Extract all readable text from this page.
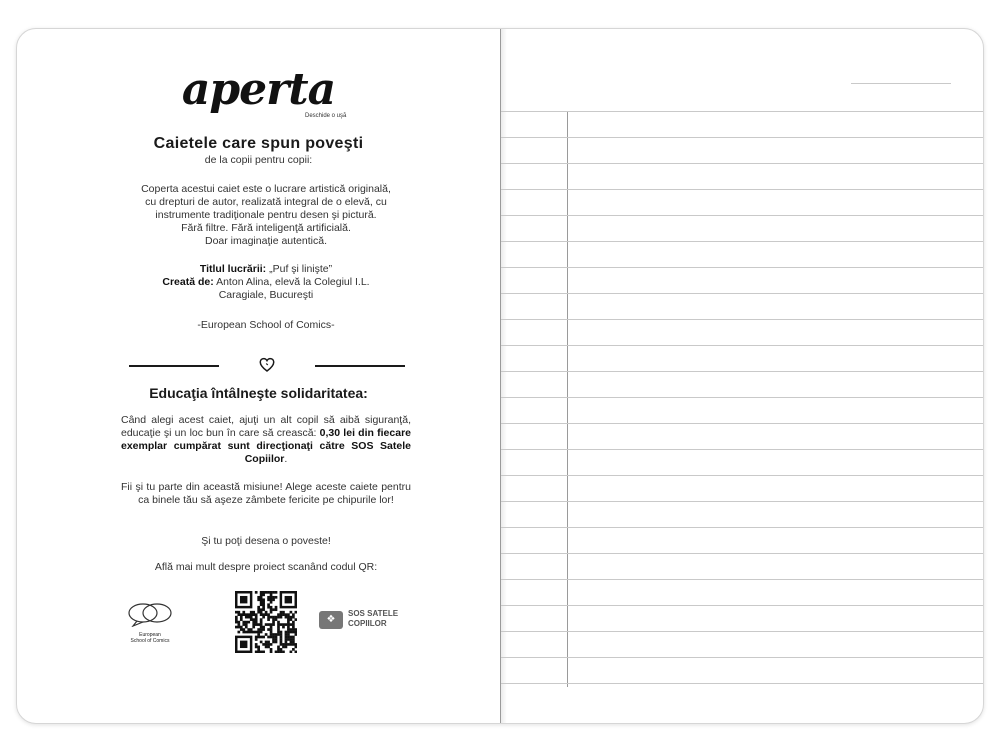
aperta
Deschide o uşă
Caietele care spun poveşti
de la copii pentru copii:
Coperta acestui caiet este o lucrare artistică originală,
cu drepturi de autor, realizată integral de o elevă, cu
instrumente tradiţionale pentru desen şi pictură.
Fără filtre. Fără inteligenţă artificială.
Doar imaginaţie autentică.
Titlul lucrării: „Puf şi linişte”
Creată de: Anton Alina, elevă la Colegiul I.L. Caragiale, Bucureşti
-European School of Comics-
Educaţia întâlneşte solidaritatea:
Când alegi acest caiet, ajuţi un alt copil să aibă siguranţă, educaţie şi un loc bun în care să crească: 0,30 lei din fiecare exemplar cumpărat sunt direcţionaţi către SOS Satele Copiilor.
Fii şi tu parte din această misiune! Alege aceste caiete pentru ca binele tău să aşeze zâmbete fericite pe chipurile lor!
Şi tu poţi desena o poveste!
Află mai mult despre proiect scanând codul QR:
European
School of Comics
❖
SOS SATELE
COPIILOR
